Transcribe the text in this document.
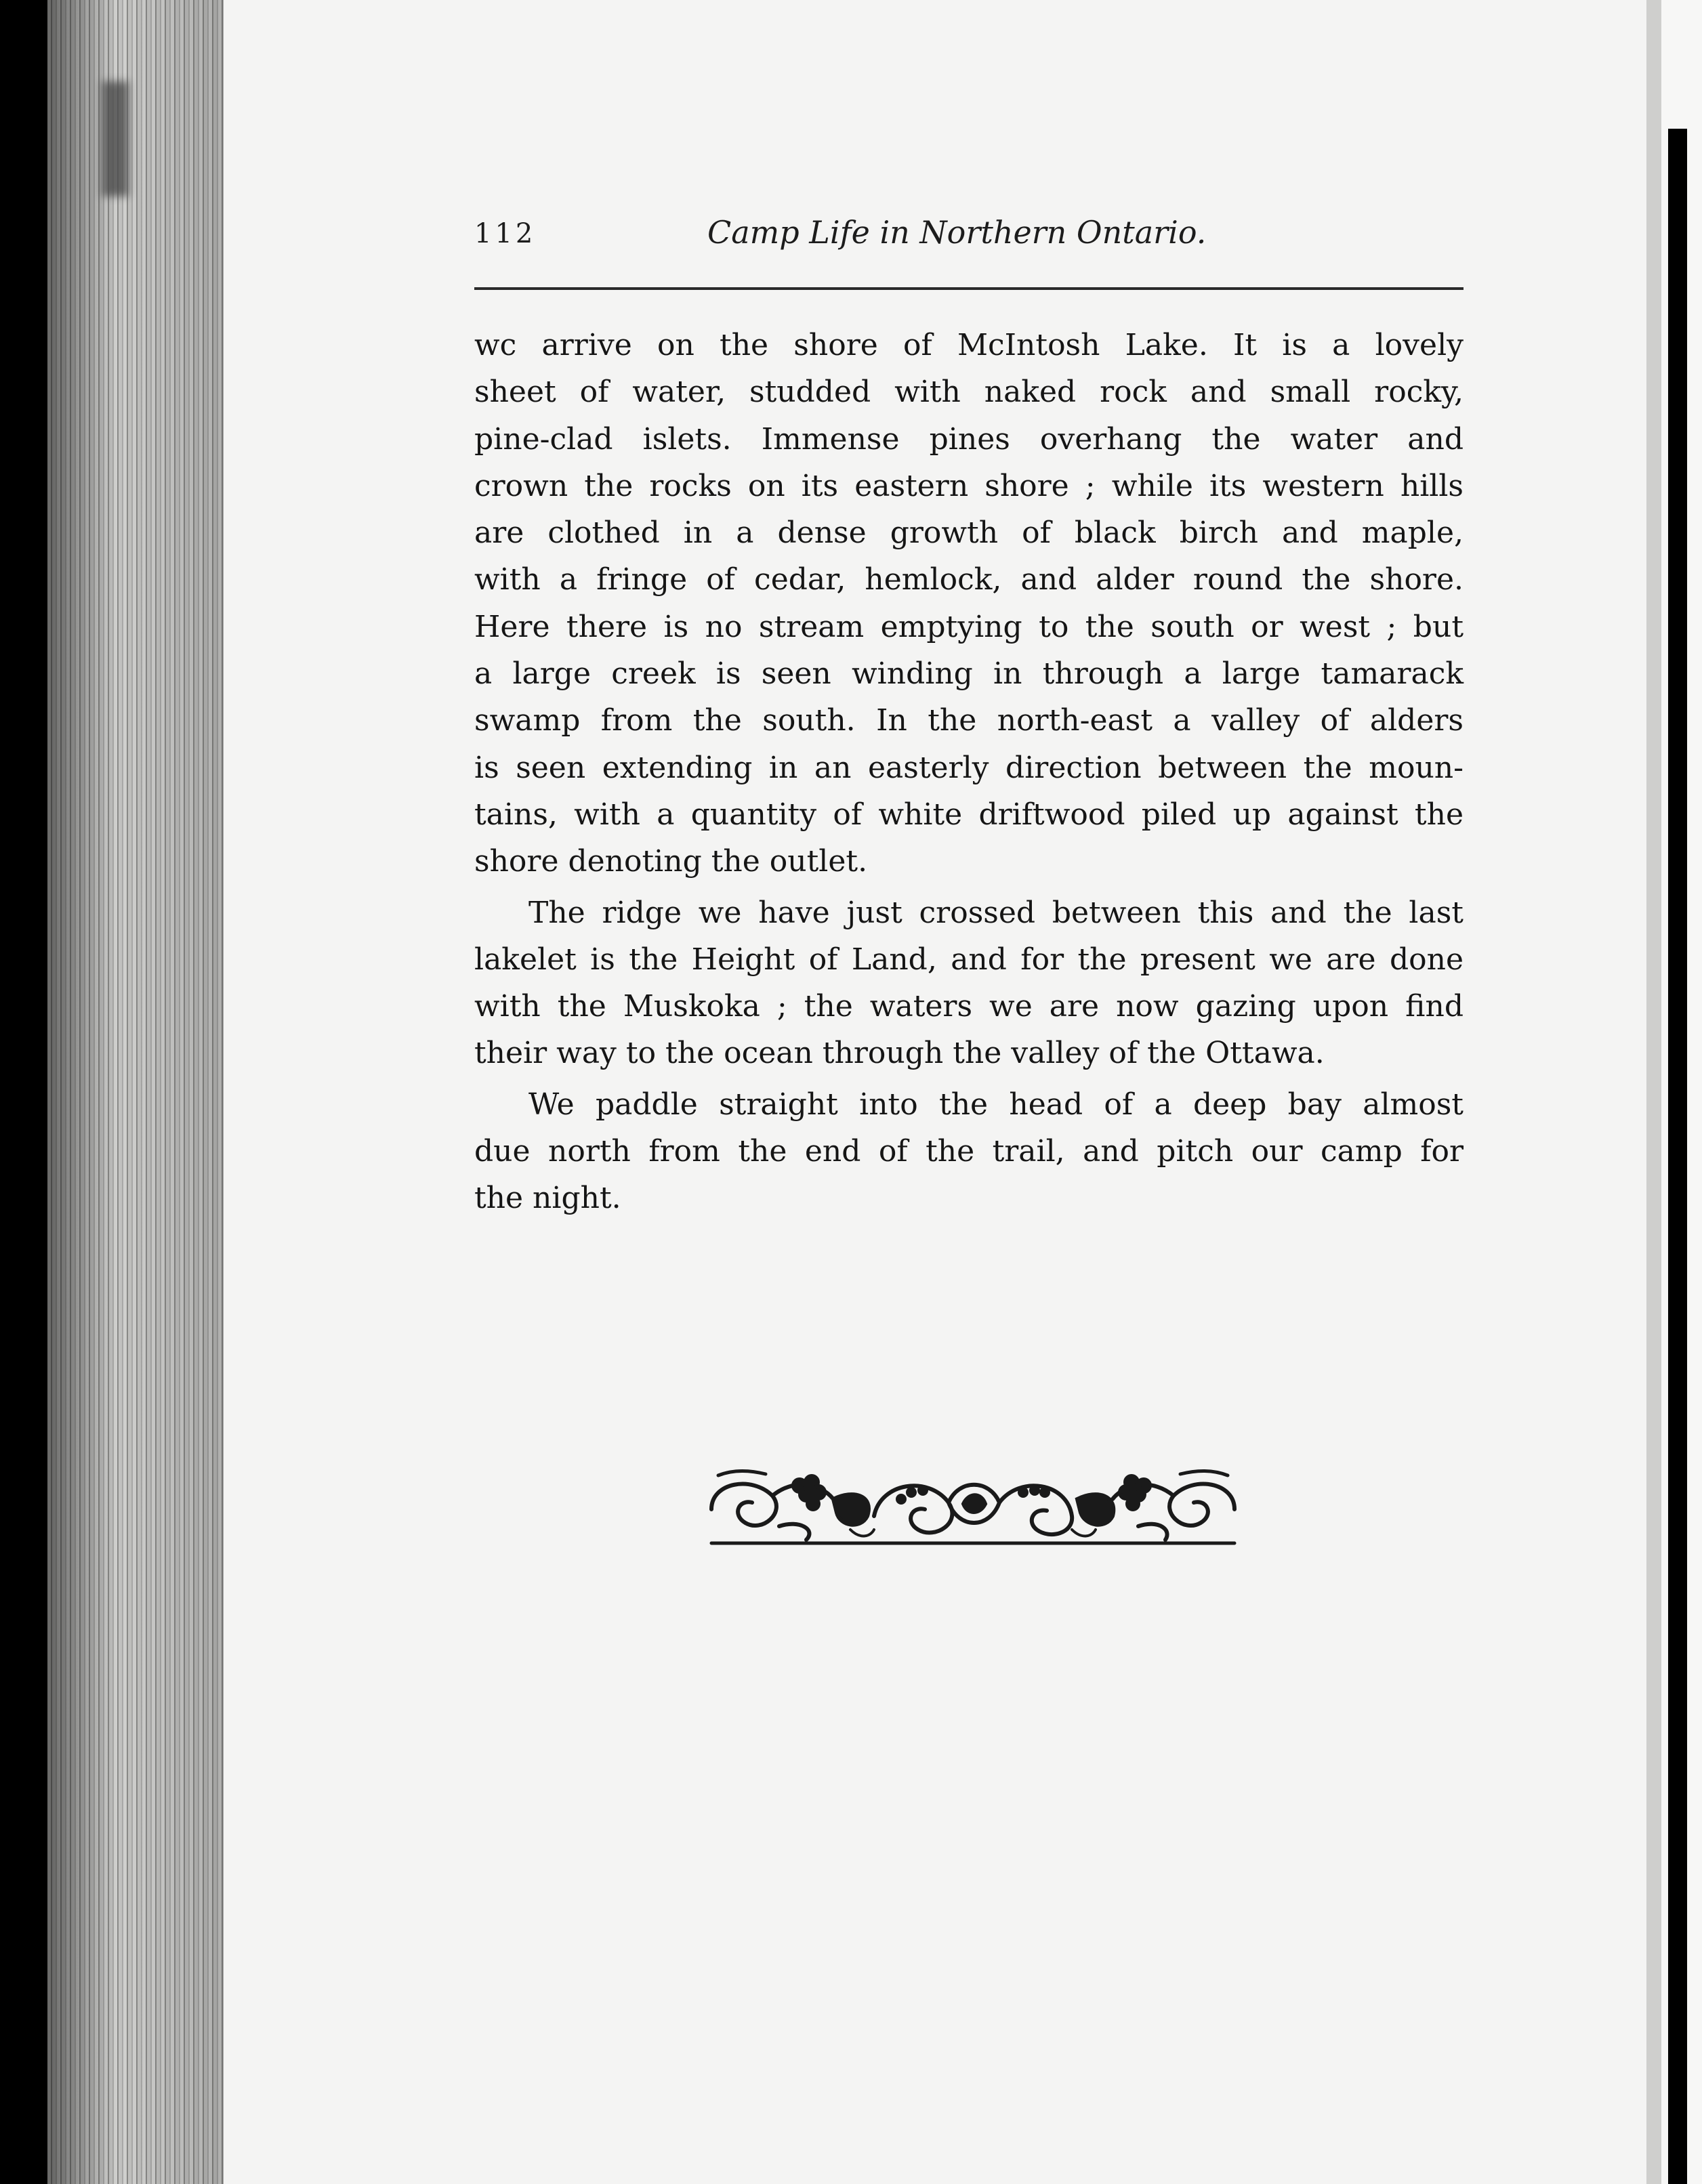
112	Camp Life in Northern Ontario.
wc arrive on the shore of McIntosh Lake. It is a lovely
sheet of water, studded with naked rock and small rocky,
pine-clad islets. Immense pines overhang the water and
crown the rocks on its eastern shore ; while its western hills
are clothed in a dense growth of black birch and maple,
with a fringe of cedar, hemlock, and alder round the shore.
Here there is no stream emptying to the south or west ; but
a large creek is seen winding in through a large tamarack
swamp from the south. In the north-east a valley of alders
is seen extending in an easterly direction between the moun-
tains, with a quantity of white driftwood piled up against the
shore denoting the outlet.
The ridge we have just crossed between this and the last
lakelet is the Height of Land, and for the present we are done
with the Muskoka ; the waters we are now gazing upon find
their way to the ocean through the valley of the Ottawa.
We paddle straight into the head of a deep bay almost
due north from the end of the trail, and pitch our camp for
the night.
